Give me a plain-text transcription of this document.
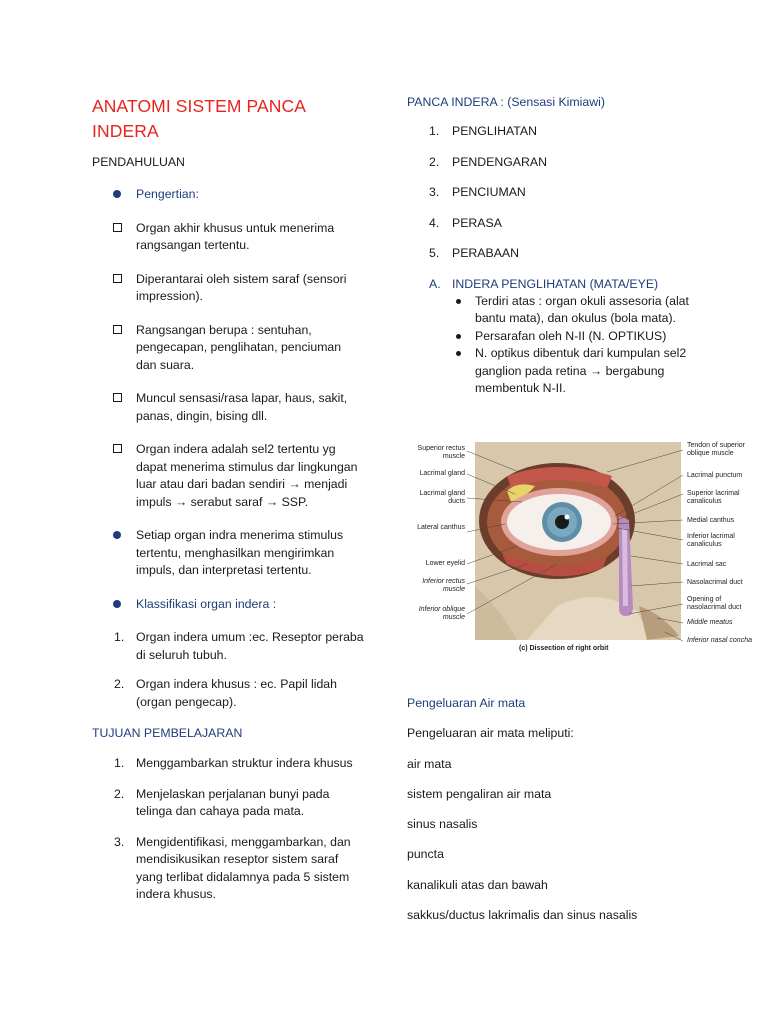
ANATOMI SISTEM PANCA INDERA
PENDAHULUAN
Pengertian:
Organ akhir khusus untuk menerima rangsangan tertentu.
Diperantarai oleh sistem saraf (sensori impression).
Rangsangan berupa : sentuhan, pengecapan, penglihatan, penciuman dan suara.
Muncul sensasi/rasa lapar, haus, sakit, panas, dingin, bising dll.
Organ indera adalah sel2 tertentu yg dapat menerima stimulus dar lingkungan luar atau dari badan sendiri → menjadi impuls → serabut saraf → SSP.
Setiap organ indra menerima stimulus tertentu, menghasilkan mengirimkan impuls, dan interpretasi tertentu.
Klassifikasi organ indera :
1. Organ indera umum :ec. Reseptor peraba di seluruh tubuh.
2. Organ indera khusus : ec. Papil lidah (organ pengecap).
TUJUAN PEMBELAJARAN
1. Menggambarkan struktur indera khusus
2. Menjelaskan perjalanan bunyi pada telinga dan cahaya pada mata.
3. Mengidentifikasi, menggambarkan, dan mendisikusikan reseptor sistem saraf yang terlibat didalamnya pada 5 sistem indera khusus.
PANCA INDERA : (Sensasi Kimiawi)
1. PENGLIHATAN
2. PENDENGARAN
3. PENCIUMAN
4. PERASA
5. PERABAAN
A. INDERA PENGLIHATAN (MATA/EYE)
Terdiri atas : organ okuli assesoria (alat bantu mata), dan okulus (bola mata).
Persarafan oleh N-II (N. OPTIKUS)
N. optikus dibentuk dari kumpulan sel2 ganglion pada retina → bergabung membentuk N-II.
Superior rectus muscle
Lacrimal gland
Lacrimal gland ducts
Lateral canthus
Lower eyelid
Inferior rectus muscle
Inferior oblique muscle
Tendon of superior oblique muscle
Lacrimal punctum
Superior lacrimal canaliculus
Medial canthus
Inferior lacrimal canaliculus
Lacrimal sac
Nasolacrimal duct
Opening of nasolacrimal duct
Middle meatus
Inferior nasal concha
(c) Dissection of right orbit
Pengeluaran Air mata
Pengeluaran air mata meliputi:
air mata
sistem pengaliran air mata
sinus nasalis
puncta
kanalikuli atas dan bawah
sakkus/ductus lakrimalis dan sinus nasalis
